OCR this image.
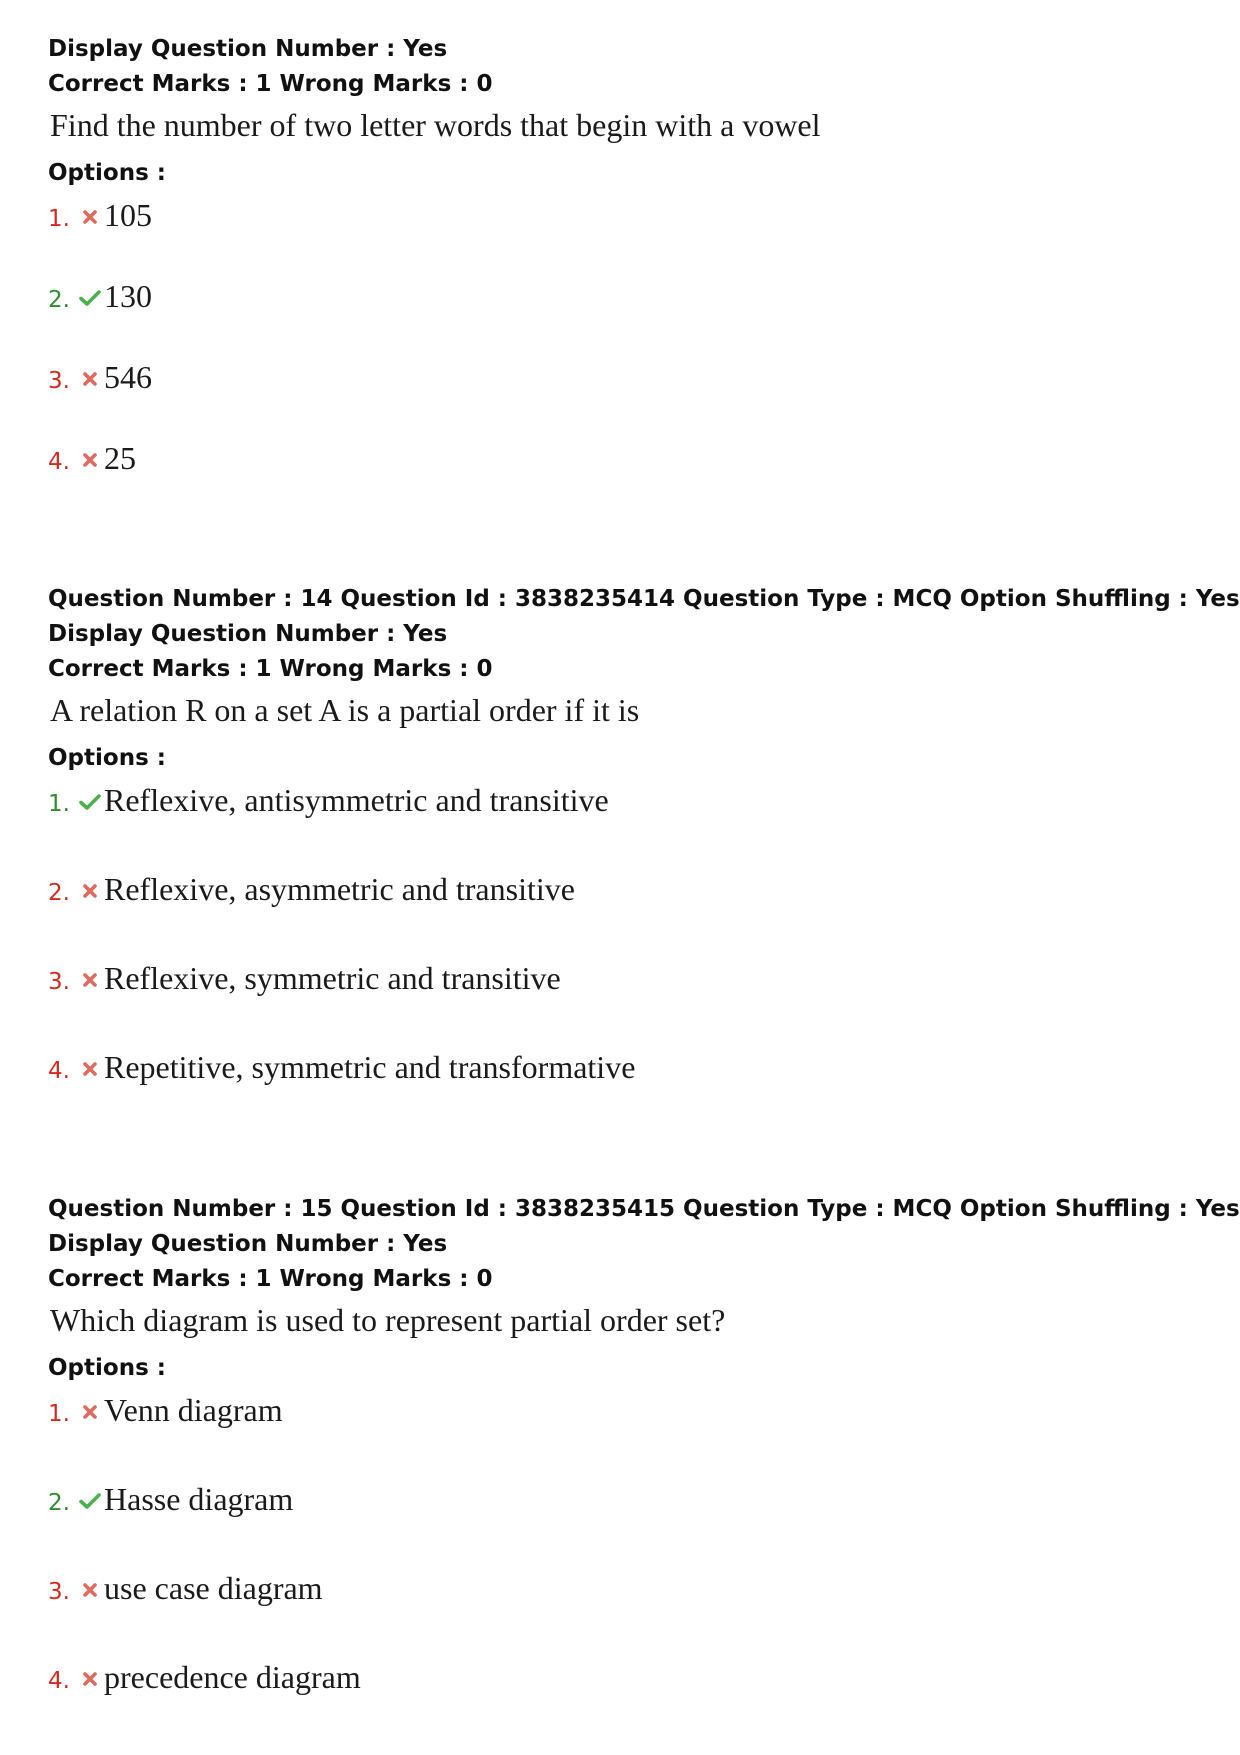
Display Question Number : Yes

Correct Marks : 1 Wrong Marks : 0

Find the number of two letter words that begin with a vowel

Options :

1. 105
2. 130
3. 546
4. 25

Question Number : 14 Question Id : 3838235414 Question Type : MCQ Option Shuffling : Yes

Display Question Number : Yes

Correct Marks : 1 Wrong Marks : 0

A relation R on a set A is a partial order if it is

Options :

1. Reflexive, antisymmetric and transitive
2. Reflexive, asymmetric and transitive
3. Reflexive, symmetric and transitive
4. Repetitive, symmetric and transformative

Question Number : 15 Question Id : 3838235415 Question Type : MCQ Option Shuffling : Yes

Display Question Number : Yes

Correct Marks : 1 Wrong Marks : 0

Which diagram is used to represent partial order set?

Options :

1. Venn diagram
2. Hasse diagram
3. use case diagram
4. precedence diagram
